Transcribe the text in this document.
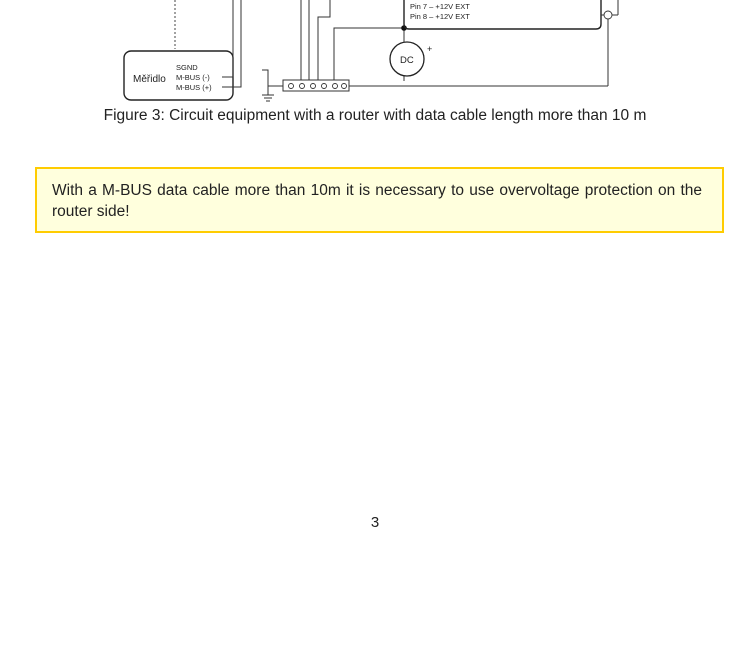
Měřidlo
SGND
M-BUS (-)
M-BUS (+)
DC
+
Pin 7 – +12V EXT
Pin 8 – +12V EXT
Figure 3: Circuit equipment with a router with data cable length more than 10 m
With a M-BUS data cable more than 10m it is necessary to use overvoltage protection on the router side!
3
